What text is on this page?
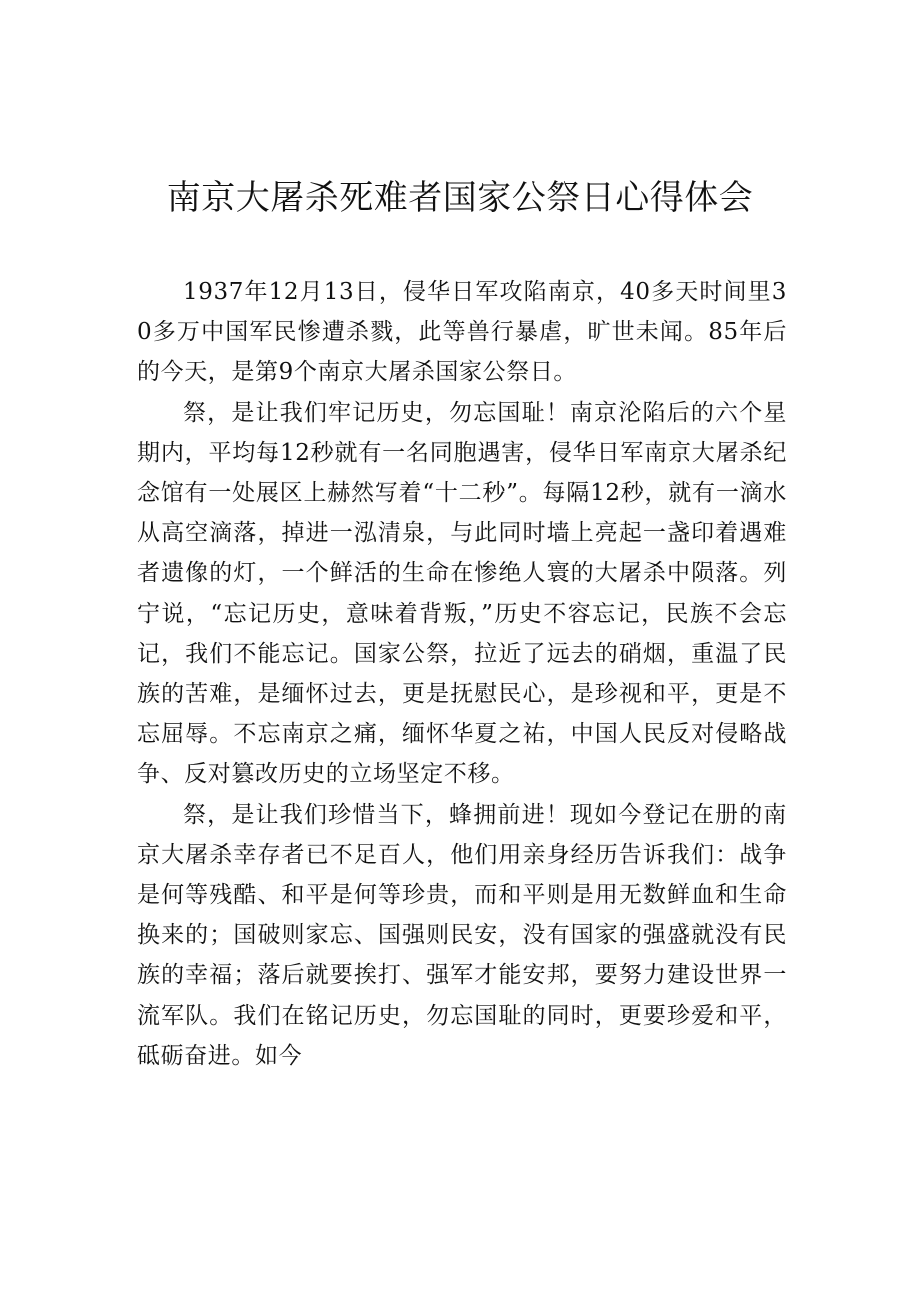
南京大屠杀死难者国家公祭日心得体会

1937年12月13日，侵华日军攻陷南京，40多天时间里30多万中国军民惨遭杀戮，此等兽行暴虐，旷世未闻。85年后的今天，是第9个南京大屠杀国家公祭日。

祭，是让我们牢记历史，勿忘国耻！南京沦陷后的六个星期内，平均每12秒就有一名同胞遇害，侵华日军南京大屠杀纪念馆有一处展区上赫然写着“十二秒”。每隔12秒，就有一滴水从高空滴落，掉进一泓清泉，与此同时墙上亮起一盏印着遇难者遗像的灯，一个鲜活的生命在惨绝人寰的大屠杀中陨落。列宁说，“忘记历史，意味着背叛，”历史不容忘记，民族不会忘记，我们不能忘记。国家公祭，拉近了远去的硝烟，重温了民族的苦难，是缅怀过去，更是抚慰民心，是珍视和平，更是不忘屈辱。不忘南京之痛，缅怀华夏之祐，中国人民反对侵略战争、反对篡改历史的立场坚定不移。

祭，是让我们珍惜当下，蜂拥前进！现如今登记在册的南京大屠杀幸存者已不足百人，他们用亲身经历告诉我们：战争是何等残酷、和平是何等珍贵，而和平则是用无数鲜血和生命换来的；国破则家忘、国强则民安，没有国家的强盛就没有民族的幸福；落后就要挨打、强军才能安邦，要努力建设世界一流军队。我们在铭记历史，勿忘国耻的同时，更要珍爱和平，砥砺奋进。如今
